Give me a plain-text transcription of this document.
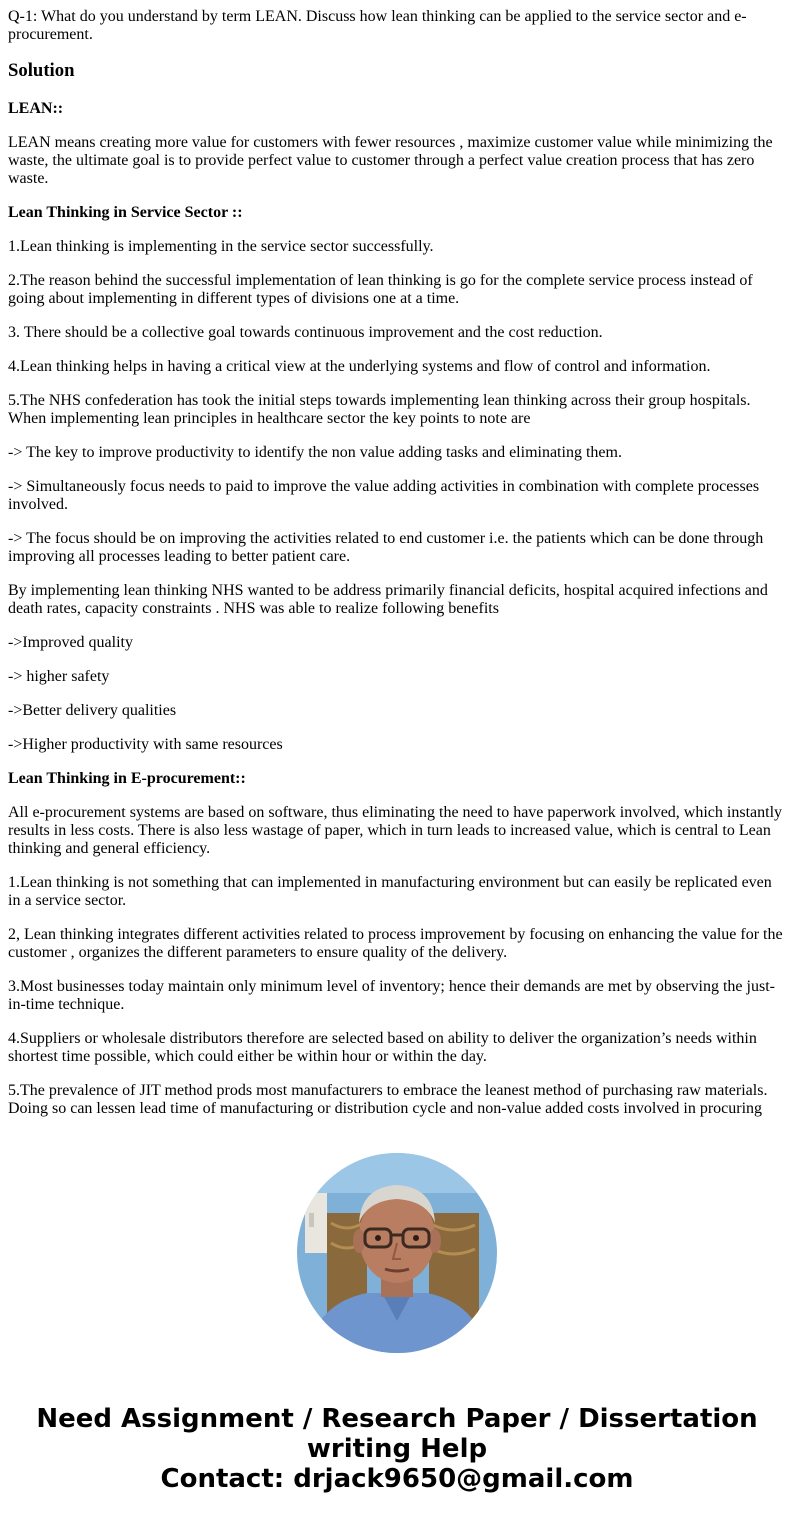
Q-1: What do you understand by term LEAN. Discuss how lean thinking can be applied to the service sector and e-procurement.

Solution

LEAN::

LEAN means creating more value for customers with fewer resources , maximize customer value while minimizing the waste, the ultimate goal is to provide perfect value to customer through a perfect value creation process that has zero waste.

Lean Thinking in Service Sector ::

1.Lean thinking is implementing in the service sector successfully.

2.The reason behind the successful implementation of lean thinking is go for the complete service process instead of going about implementing in different types of divisions one at a time.

3. There should be a collective goal towards continuous improvement and the cost reduction.

4.Lean thinking helps in having a critical view at the underlying systems and flow of control and information.

5.The NHS confederation has took the initial steps towards implementing lean thinking across their group hospitals. When implementing lean principles in healthcare sector the key points to note are

-> The key to improve productivity to identify the non value adding tasks and eliminating them.

-> Simultaneously focus needs to paid to improve the value adding activities in combination with complete processes involved.

-> The focus should be on improving the activities related to end customer i.e. the patients which can be done through improving all processes leading to better patient care.

By implementing lean thinking NHS wanted to be address primarily financial deficits, hospital acquired infections and death rates, capacity constraints . NHS was able to realize following benefits

->Improved quality

-> higher safety

->Better delivery qualities

->Higher productivity with same resources

Lean Thinking in E-procurement::

All e-procurement systems are based on software, thus eliminating the need to have paperwork involved, which instantly results in less costs. There is also less wastage of paper, which in turn leads to increased value, which is central to Lean thinking and general efficiency.

1.Lean thinking is not something that can implemented in manufacturing environment but can easily be replicated even in a service sector.

2, Lean thinking integrates different activities related to process improvement by focusing on enhancing the value for the customer , organizes the different parameters to ensure quality of the delivery.

3.Most businesses today maintain only minimum level of inventory; hence their demands are met by observing the just-in-time technique.

4.Suppliers or wholesale distributors therefore are selected based on ability to deliver the organization’s needs within shortest time possible, which could either be within hour or within the day.

5.The prevalence of JIT method prods most manufacturers to embrace the leanest method of purchasing raw materials. Doing so can lessen lead time of manufacturing or distribution cycle and non-value added costs involved in procuring

Need Assignment / Research Paper / Dissertation
writing Help
Contact: drjack9650@gmail.com
